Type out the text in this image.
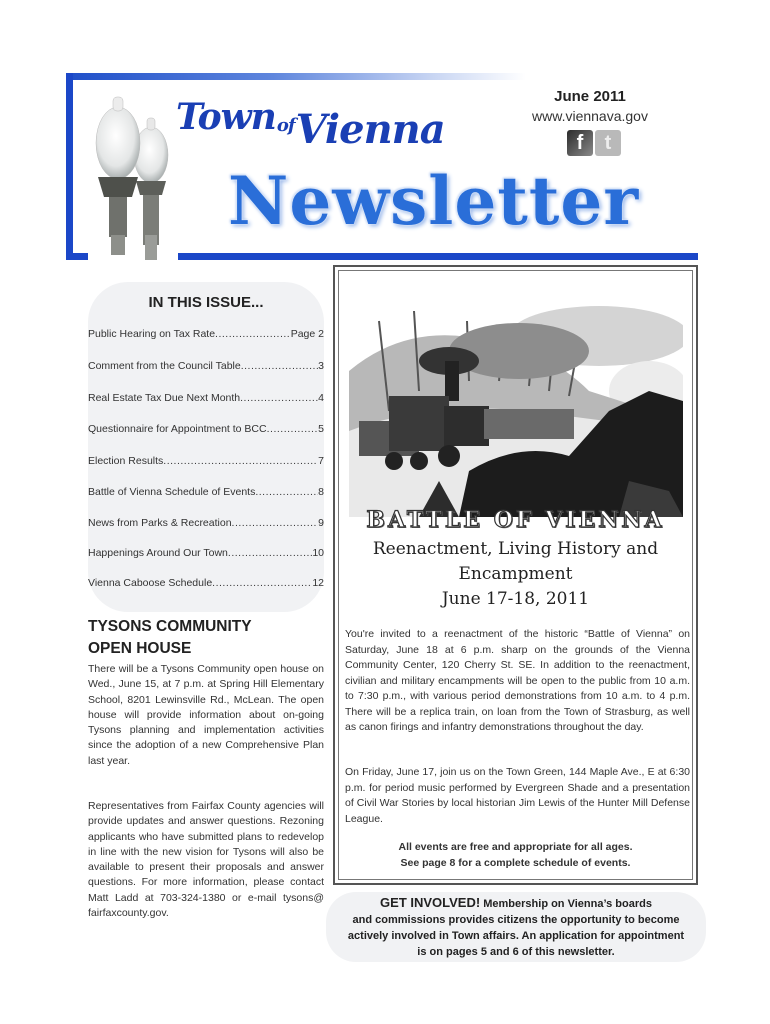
TownofVienna
Newsletter
June 2011
www.viennava.gov
f	t
IN THIS ISSUE...
Public Hearing on Tax Rate .....	Page 2
Comment from the Council Table .....	3
Real Estate Tax Due Next Month .....	4
Questionnaire for Appointment to BCC .....	5
Election Results .....	7
Battle of Vienna Schedule of Events .....	8
News from Parks & Recreation .....	9
Happenings Around Our Town .....	10
Vienna Caboose Schedule .....	12
TYSONS COMMUNITY
OPEN HOUSE
There will be a Tysons Community open house on Wed., June 15, at 7 p.m. at Spring Hill Elementary School, 8201 Lewinsville Rd., McLean. The open house will provide information about on-going Tysons planning and implementation activities since the adoption of a new Comprehensive Plan last year.
Representatives from Fairfax County agencies will provide updates and answer questions. Rezoning applicants who have submitted plans to redevelop in line with the new vision for Tysons will also be available to present their proposals and answer questions. For more information, please contact Matt Ladd at 703-324-1380 or e-mail tysons@ fairfaxcounty.gov.
BATTLE OF VIENNA
Reenactment, Living History and
Encampment
June 17-18, 2011
You're invited to a reenactment of the historic “Battle of Vienna” on Saturday, June 18 at 6 p.m. sharp on the grounds of the Vienna Community Center, 120 Cherry St. SE. In addition to the reenactment, civilian and military encampments will be open to the public from 10 a.m. to 7:30 p.m., with various period demonstrations from 10 a.m. to 4 p.m. There will be a replica train, on loan from the Town of Strasburg, as well as canon firings and infantry demonstrations throughout the day.
On Friday, June 17, join us on the Town Green, 144 Maple Ave., E at 6:30 p.m. for period music performed by Evergreen Shade and a presentation of Civil War Stories by local historian Jim Lewis of the Hunter Mill Defense League.
All events are free and appropriate for all ages.
See page 8 for a complete schedule of events.
GET INVOLVED! Membership on Vienna’s boards
and commissions provides citizens the opportunity to become
actively involved in Town affairs. An application for appointment
is on pages 5 and 6 of this newsletter.
